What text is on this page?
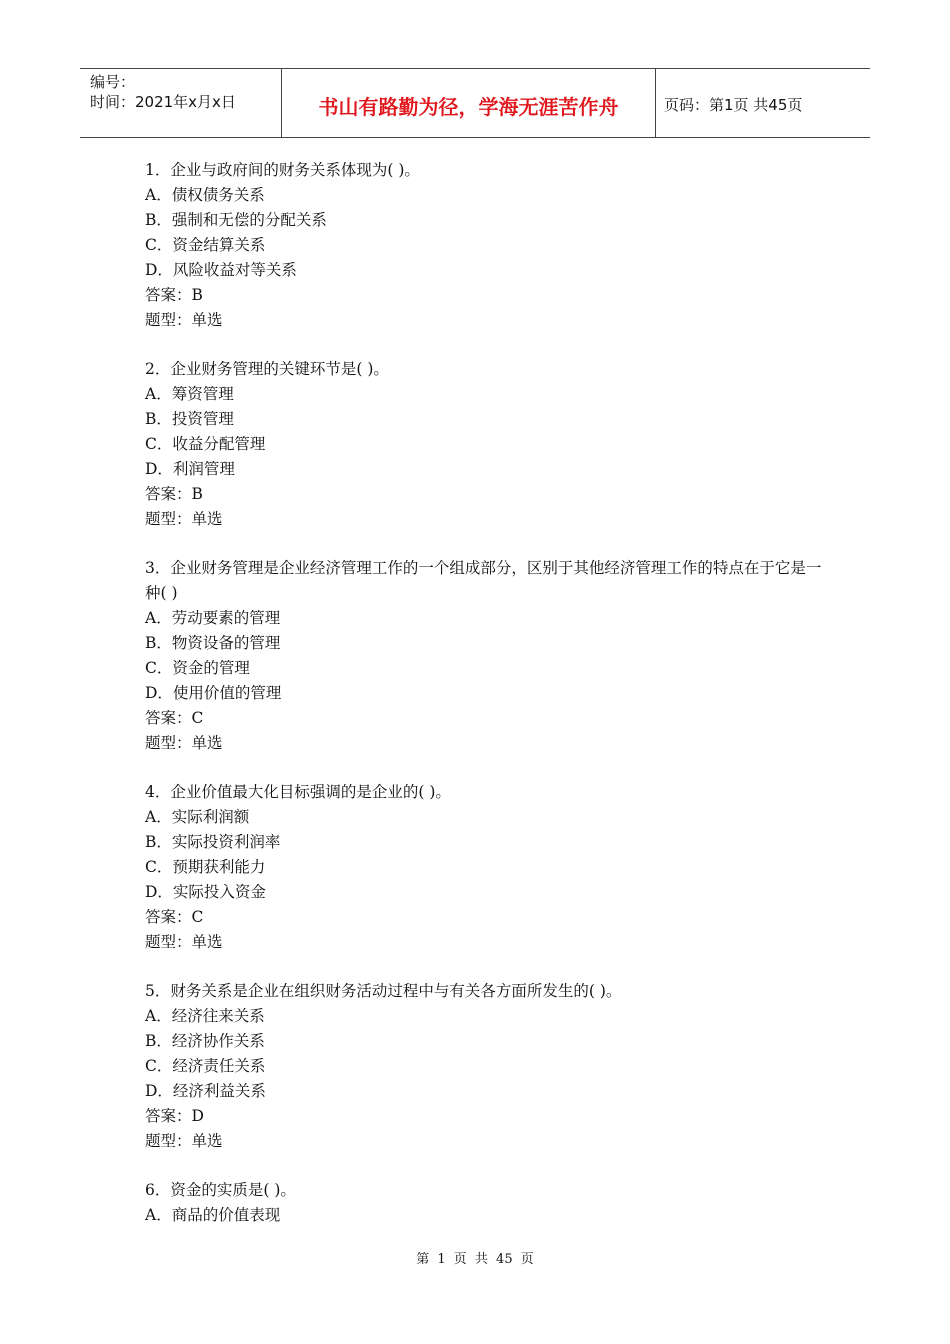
编号：
时间：2021年x月x日	书山有路勤为径，学海无涯苦作舟	页码：第1页 共45页
1．企业与政府间的财务关系体现为( )。
A．债权债务关系
B．强制和无偿的分配关系
C．资金结算关系
D．风险收益对等关系
答案：B
题型：单选
2．企业财务管理的关键环节是( )。
A．筹资管理
B．投资管理
C．收益分配管理
D．利润管理
答案：B
题型：单选
3．企业财务管理是企业经济管理工作的一个组成部分，区别于其他经济管理工作的特点在于它是一种( )
A．劳动要素的管理
B．物资设备的管理
C．资金的管理
D．使用价值的管理
答案：C
题型：单选
4．企业价值最大化目标强调的是企业的( )。
A．实际利润额
B．实际投资利润率
C．预期获利能力
D．实际投入资金
答案：C
题型：单选
5．财务关系是企业在组织财务活动过程中与有关各方面所发生的( )。
A．经济往来关系
B．经济协作关系
C．经济责任关系
D．经济利益关系
答案：D
题型：单选
6．资金的实质是( )。
A．商品的价值表现
第 1 页 共 45 页
